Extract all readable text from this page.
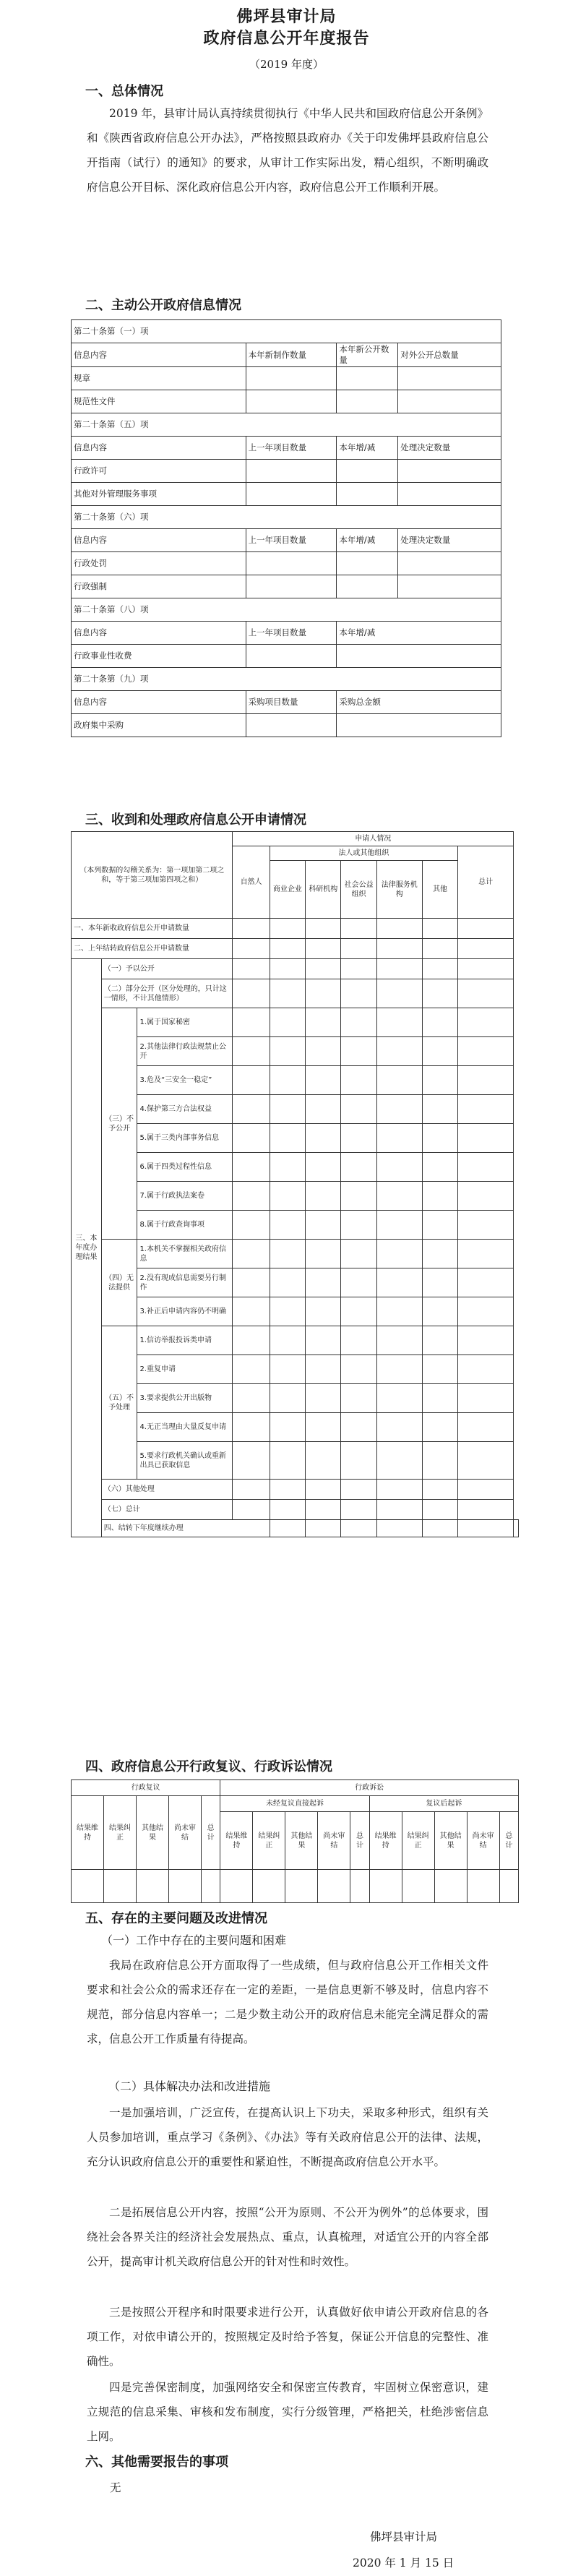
佛坪县审计局
政府信息公开年度报告
（2019 年度）
一、总体情况

2019 年，县审计局认真持续贯彻执行《中华人民共和国政府信息公开条例》和《陕西省政府信息公开办法》，严格按照县政府办《关于印发佛坪县政府信息公开指南（试行）的通知》的要求，从审计工作实际出发，精心组织，不断明确政府信息公开目标、深化政府信息公开内容，政府信息公开工作顺利开展。

二、主动公开政府信息情况
第二十条第（一）项			
信息内容	本年新制作数量	本年新公开数量	对外公开总数量
规章			
规范性文件			
第二十条第（五）项			
信息内容	上一年项目数量	本年增/减	处理决定数量
行政许可			
其他对外管理服务事项			
第二十条第（六）项			
信息内容	上一年项目数量	本年增/减	处理决定数量
行政处罚			
行政强制			
第二十条第（八）项			
信息内容	上一年项目数量	本年增/减	
行政事业性收费			
第二十条第（九）项			
信息内容	采购项目数量	采购总金额	
政府集中采购			
三、收到和处理政府信息公开申请情况
（本列数据的勾稽关系为：第一项加第二项之和，等于第三项加第四项之和）			申请人情况							
			自然人	法人或其他组织					总计	
				商业企业	科研机构	社会公益组织	法律服务机构	其他		
一、本年新收政府信息公开申请数量										
二、上年结转政府信息公开申请数量										
三、本年度办理结果	（一）予以公开									
	（二）部分公开（区分处理的，只计这一情形，不计其他情形）									
	（三）不予公开	1.属于国家秘密								
		2.其他法律行政法规禁止公开								
		3.危及“三安全一稳定”								
		4.保护第三方合法权益								
		5.属于三类内部事务信息								
		6.属于四类过程性信息								
		7.属于行政执法案卷								
		8.属于行政查询事项								
	（四）无法提供	1.本机关不掌握相关政府信息								
		2.没有现成信息需要另行制作								
		3.补正后申请内容仍不明确								
	（五）不予处理	1.信访举报投诉类申请								
		2.重复申请								
		3.要求提供公开出版物								
		4.无正当理由大量反复申请								
		5.要求行政机关确认或重新出具已获取信息								
	（六）其他处理									
	（七）总计									
	四、结转下年度继续办理									
四、政府信息公开行政复议、行政诉讼情况
行政复议					行政诉讼									
结果维持	结果纠正	其他结果	尚未审结	总计	未经复议直接起诉					复议后起诉				
					结果维持	结果纠正	其他结果	尚未审结	总计	结果维持	结果纠正	其他结果	尚未审结	总计

五、存在的主要问题及改进情况
（一）工作中存在的主要问题和困难

我局在政府信息公开方面取得了一些成绩，但与政府信息公开工作相关文件要求和社会公众的需求还存在一定的差距，一是信息更新不够及时，信息内容不规范，部分信息内容单一；二是少数主动公开的政府信息未能完全满足群众的需求，信息公开工作质量有待提高。

（二）具体解决办法和改进措施

一是加强培训，广泛宣传，在提高认识上下功夫，采取多种形式，组织有关人员参加培训，重点学习《条例》、《办法》等有关政府信息公开的法律、法规，充分认识政府信息公开的重要性和紧迫性，不断提高政府信息公开水平。

二是拓展信息公开内容，按照“公开为原则、不公开为例外”的总体要求，围绕社会各界关注的经济社会发展热点、重点，认真梳理，对适宜公开的内容全部公开，提高审计机关政府信息公开的针对性和时效性。

三是按照公开程序和时限要求进行公开，认真做好依申请公开政府信息的各项工作，对依申请公开的，按照规定及时给予答复，保证公开信息的完整性、准确性。

四是完善保密制度，加强网络安全和保密宣传教育，牢固树立保密意识，建立规范的信息采集、审核和发布制度，实行分级管理，严格把关，杜绝涉密信息上网。

六、其他需要报告的事项
无
佛坪县审计局
2020 年 1 月 15 日
